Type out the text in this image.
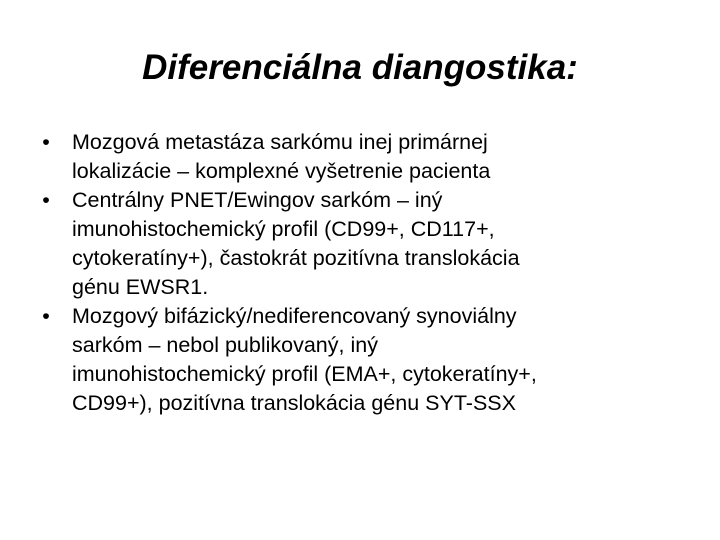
Diferenciálna diangostika:
• Mozgová metastáza sarkómu inej primárnej
lokalizácie – komplexné vyšetrenie pacienta
• Centrálny PNET/Ewingov sarkóm – iný
imunohistochemický profil (CD99+, CD117+,
cytokeratíny+), častokrát pozitívna translokácia
génu EWSR1.
• Mozgový bifázický/nediferencovaný synoviálny
sarkóm – nebol publikovaný, iný
imunohistochemický profil (EMA+, cytokeratíny+,
CD99+), pozitívna translokácia génu SYT-SSX
